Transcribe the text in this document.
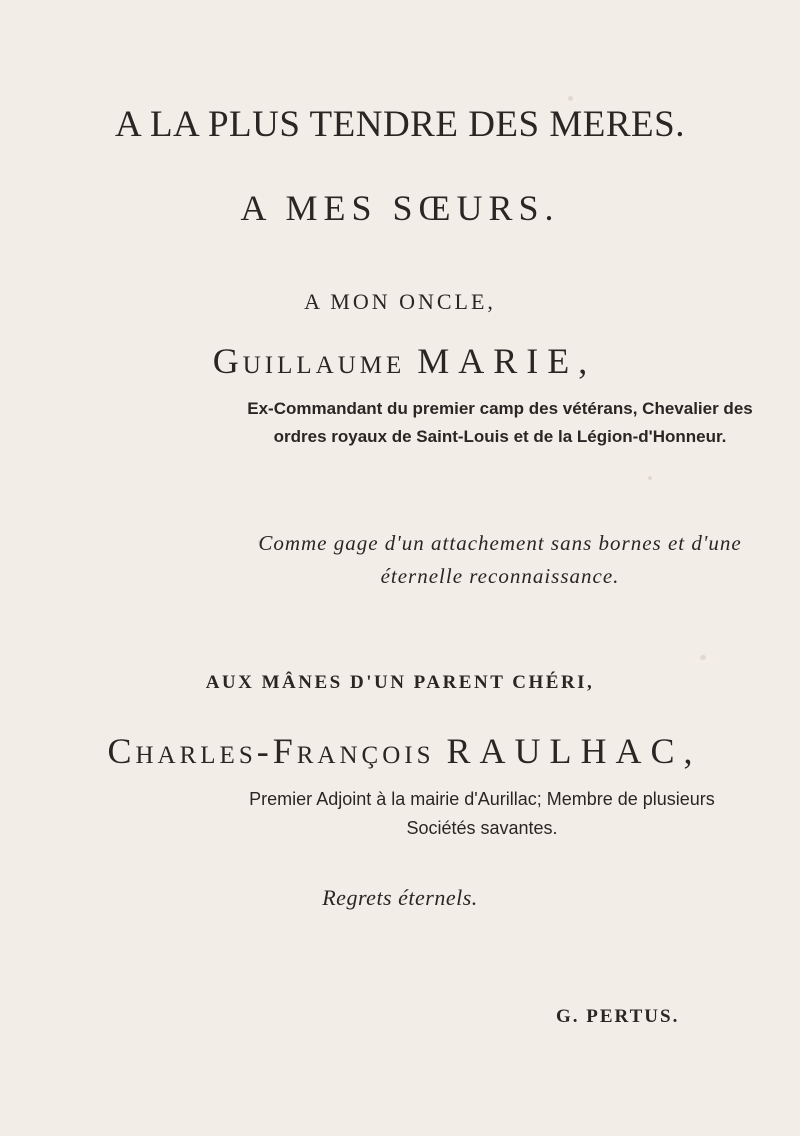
A LA PLUS TENDRE DES MERES.
A MES SŒURS.
A MON ONCLE,
Guillaume MARIE,
Ex-Commandant du premier camp des vétérans, Chevalier des ordres royaux de Saint-Louis et de la Légion-d'Honneur.
Comme gage d'un attachement sans bornes et d'une éternelle reconnaissance.
AUX MÂNES D'UN PARENT CHÉRI,
Charles-François RAULHAC,
Premier Adjoint à la mairie d'Aurillac; Membre de plusieurs Sociétés savantes.
Regrets éternels.
G. PERTUS.
